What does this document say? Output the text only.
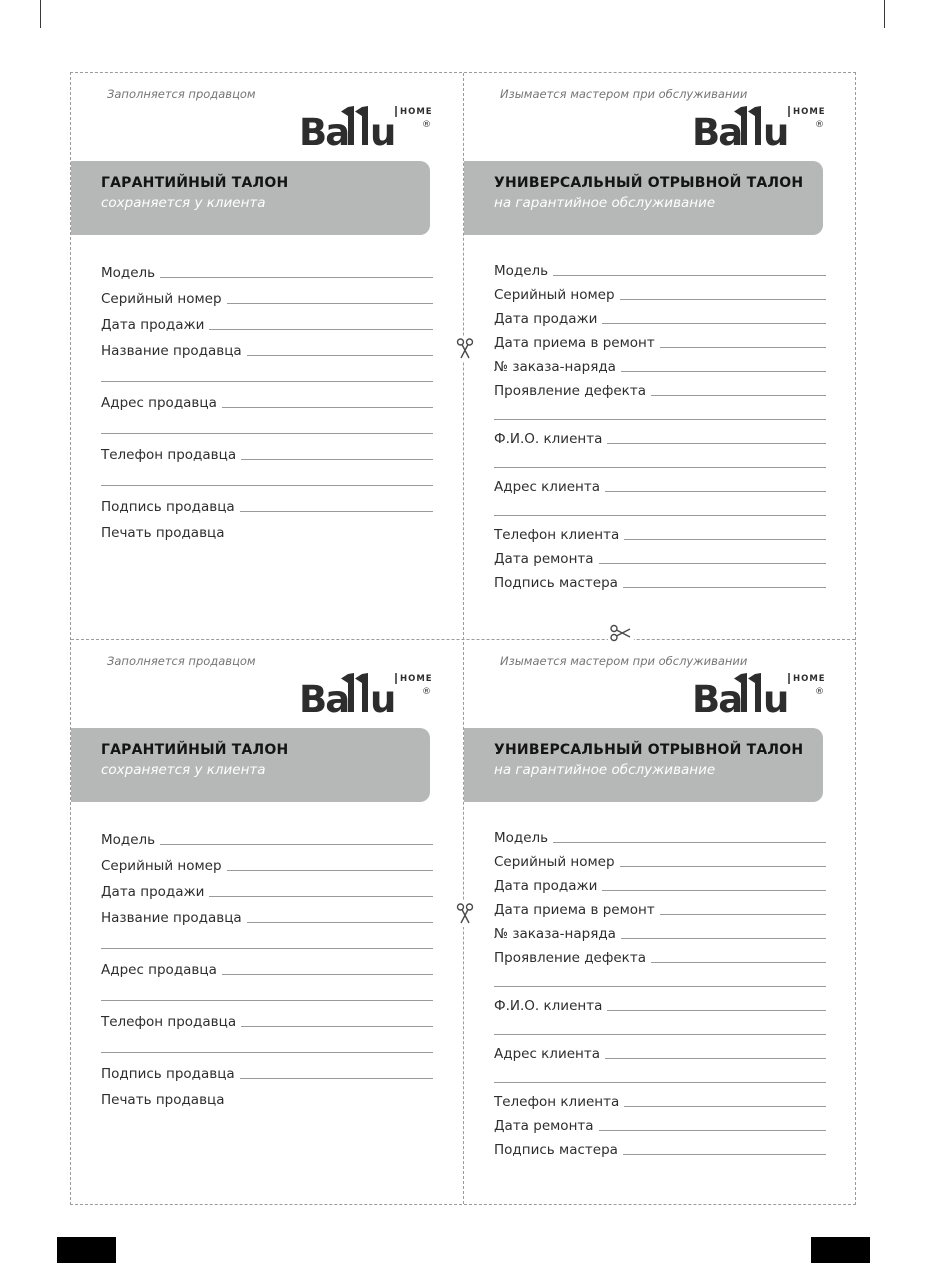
Заполняется продавцом
Ba u HOME
®
ГАРАНТИЙНЫЙ ТАЛОН
сохраняется у клиента
Модель
Серийный номер
Дата продажи
Название продавца
Адрес продавца
Телефон продавца
Подпись продавца
Печать продавца
Изымается мастером при обслуживании
Ba u HOME
®
УНИВЕРСАЛЬНЫЙ ОТРЫВНОЙ ТАЛОН
на гарантийное обслуживание
Модель
Серийный номер
Дата продажи
Дата приема в ремонт
№ заказа-наряда
Проявление дефекта
Ф.И.О. клиента
Адрес клиента
Телефон клиента
Дата ремонта
Подпись мастера
Заполняется продавцом
Ba u HOME
®
ГАРАНТИЙНЫЙ ТАЛОН
сохраняется у клиента
Модель
Серийный номер
Дата продажи
Название продавца
Адрес продавца
Телефон продавца
Подпись продавца
Печать продавца
Изымается мастером при обслуживании
Ba u HOME
®
УНИВЕРСАЛЬНЫЙ ОТРЫВНОЙ ТАЛОН
на гарантийное обслуживание
Модель
Серийный номер
Дата продажи
Дата приема в ремонт
№ заказа-наряда
Проявление дефекта
Ф.И.О. клиента
Адрес клиента
Телефон клиента
Дата ремонта
Подпись мастера
